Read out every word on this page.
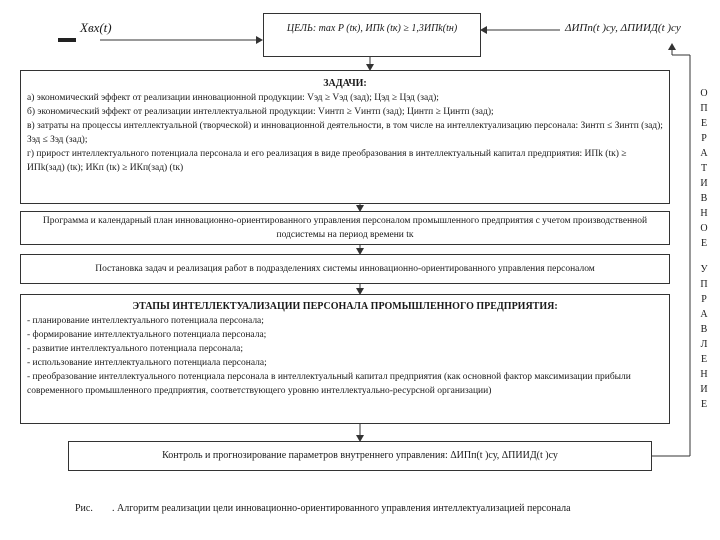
Хвх(t)	ЦЕЛЬ: max P (tк), ИПk (tк) ≥ 1,3ИПk(tн)	ΔИПп(t )су, ΔПИИД(t )су
ЗАДАЧИ:
а) экономический эффект от реализации инновационной продукции: Vэд ≥ Vэд (зад); Цэд ≥ Цэд (зад);
б) экономический эффект от реализации интеллектуальной продукции: Vинтп ≥ Vинтп (зад); Цинтп ≥ Цинтп (зад);
в) затраты на процессы интеллектуальной (творческой) и инновационной деятельности, в том числе на интеллектуализацию персонала: Зинтп ≤ Зинтп (зад); Зэд ≤ Зэд (зад);
г) прирост интеллектуального потенциала персонала и его реализация в виде преобразования в интеллектуальный капитал предприятия: ИПk (tк) ≥ ИПk(зад) (tк); ИКп (tк) ≥ ИКп(зад) (tк)
Программа и календарный план инновационно-ориентированного управления персоналом промышленного предприятия с учетом производственной подсистемы на период времени tк
Постановка задач и реализация работ в подразделениях системы инновационно-ориентированного управления персоналом
ЭТАПЫ ИНТЕЛЛЕКТУАЛИЗАЦИИ ПЕРСОНАЛА ПРОМЫШЛЕННОГО ПРЕДПРИЯТИЯ:
- планирование интеллектуального потенциала персонала;
- формирование интеллектуального потенциала персонала;
- развитие интеллектуального потенциала персонала;
- использование интеллектуального потенциала персонала;
- преобразование интеллектуального потенциала персонала в интеллектуальный капитал предприятия (как основной фактор максимизации прибыли современного промышленного предприятия, соответствующего уровню интеллектуально-ресурсной организации)
Контроль и прогнозирование параметров внутреннего управления: ΔИПп(t )су, ΔПИИД(t )су
О
П
Е
Р
А
Т
И
В
Н
О
Е
У
П
Р
А
В
Л
Е
Н
И
Е
Рис. . Алгоритм реализации цели инновационно-ориентированного управления интеллектуализацией персонала
